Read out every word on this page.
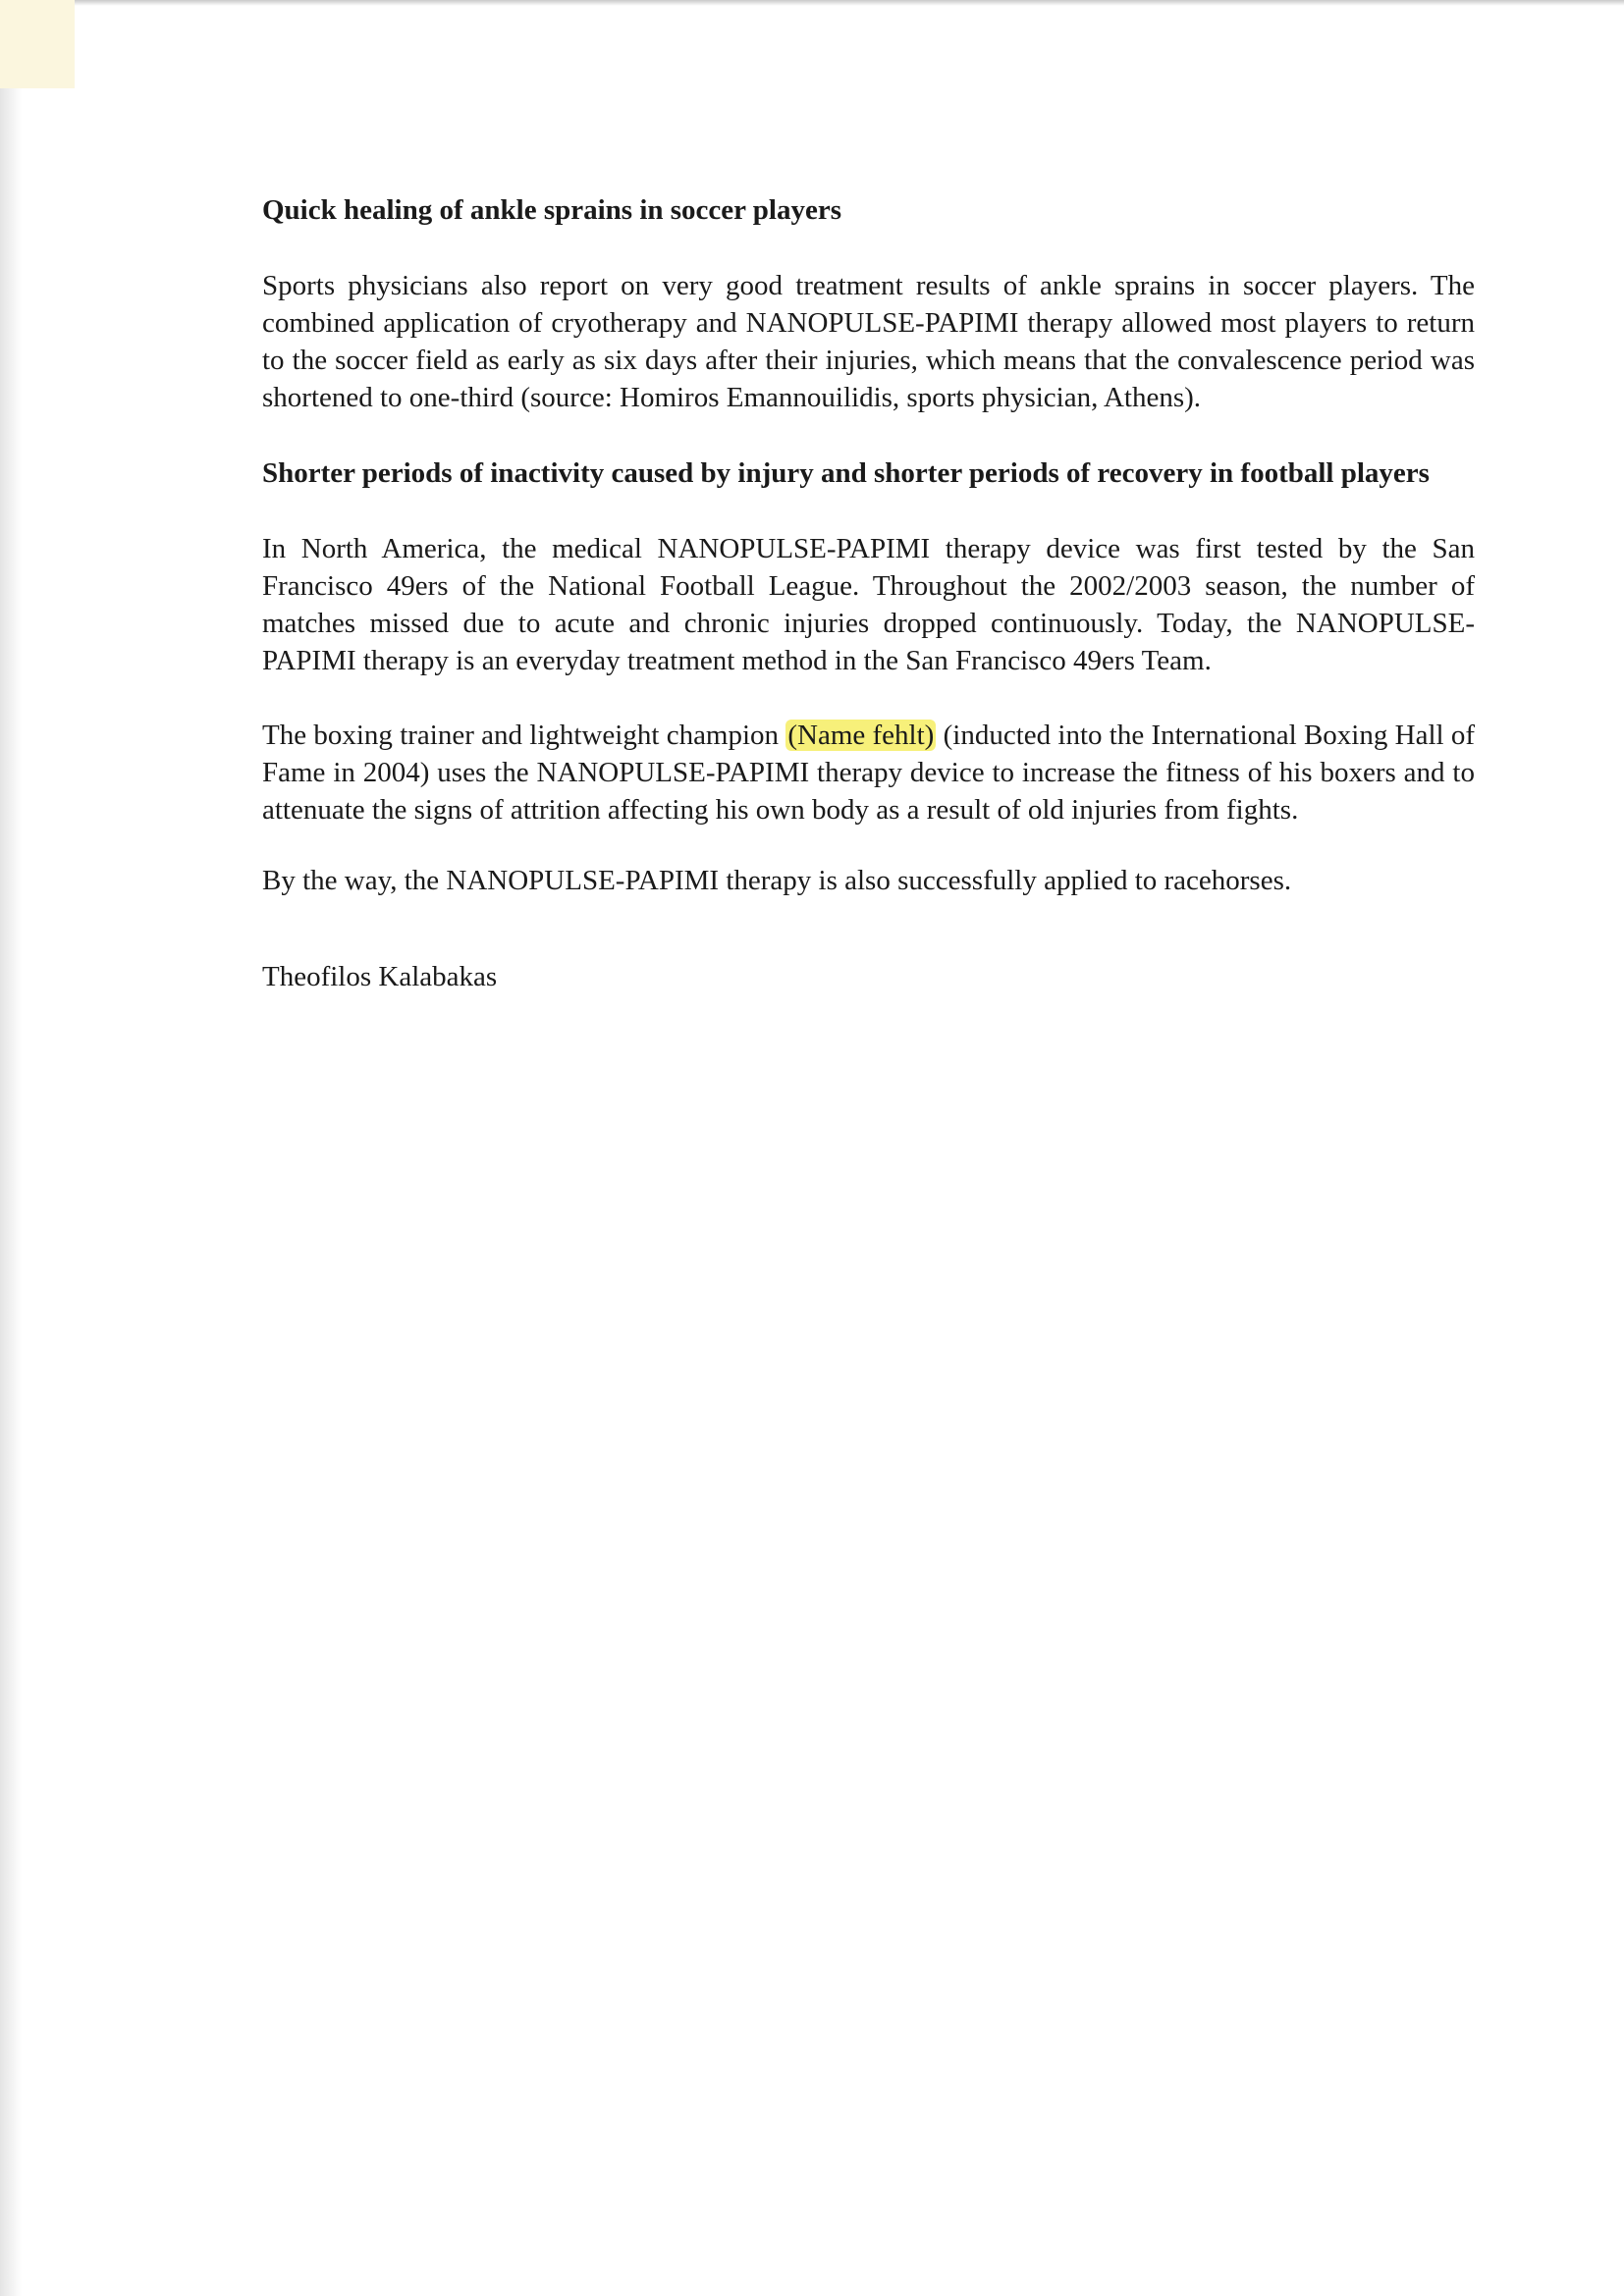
Quick healing of ankle sprains in soccer players

Sports physicians also report on very good treatment results of ankle sprains in soccer players. The combined application of cryotherapy and NANOPULSE-PAPIMI therapy allowed most players to return to the soccer field as early as six days after their injuries, which means that the convalescence period was shortened to one-third (source: Homiros Emannouilidis, sports physician, Athens).

Shorter periods of inactivity caused by injury and shorter periods of recovery in football players

In North America, the medical NANOPULSE-PAPIMI therapy device was first tested by the San Francisco 49ers of the National Football League. Throughout the 2002/2003 season, the number of matches missed due to acute and chronic injuries dropped continuously. Today, the NANOPULSE-PAPIMI therapy is an everyday treatment method in the San Francisco 49ers Team.

The boxing trainer and lightweight champion (Name fehlt) (inducted into the International Boxing Hall of Fame in 2004) uses the NANOPULSE-PAPIMI therapy device to increase the fitness of his boxers and to attenuate the signs of attrition affecting his own body as a result of old injuries from fights.

By the way, the NANOPULSE-PAPIMI therapy is also successfully applied to racehorses.

Theofilos Kalabakas
